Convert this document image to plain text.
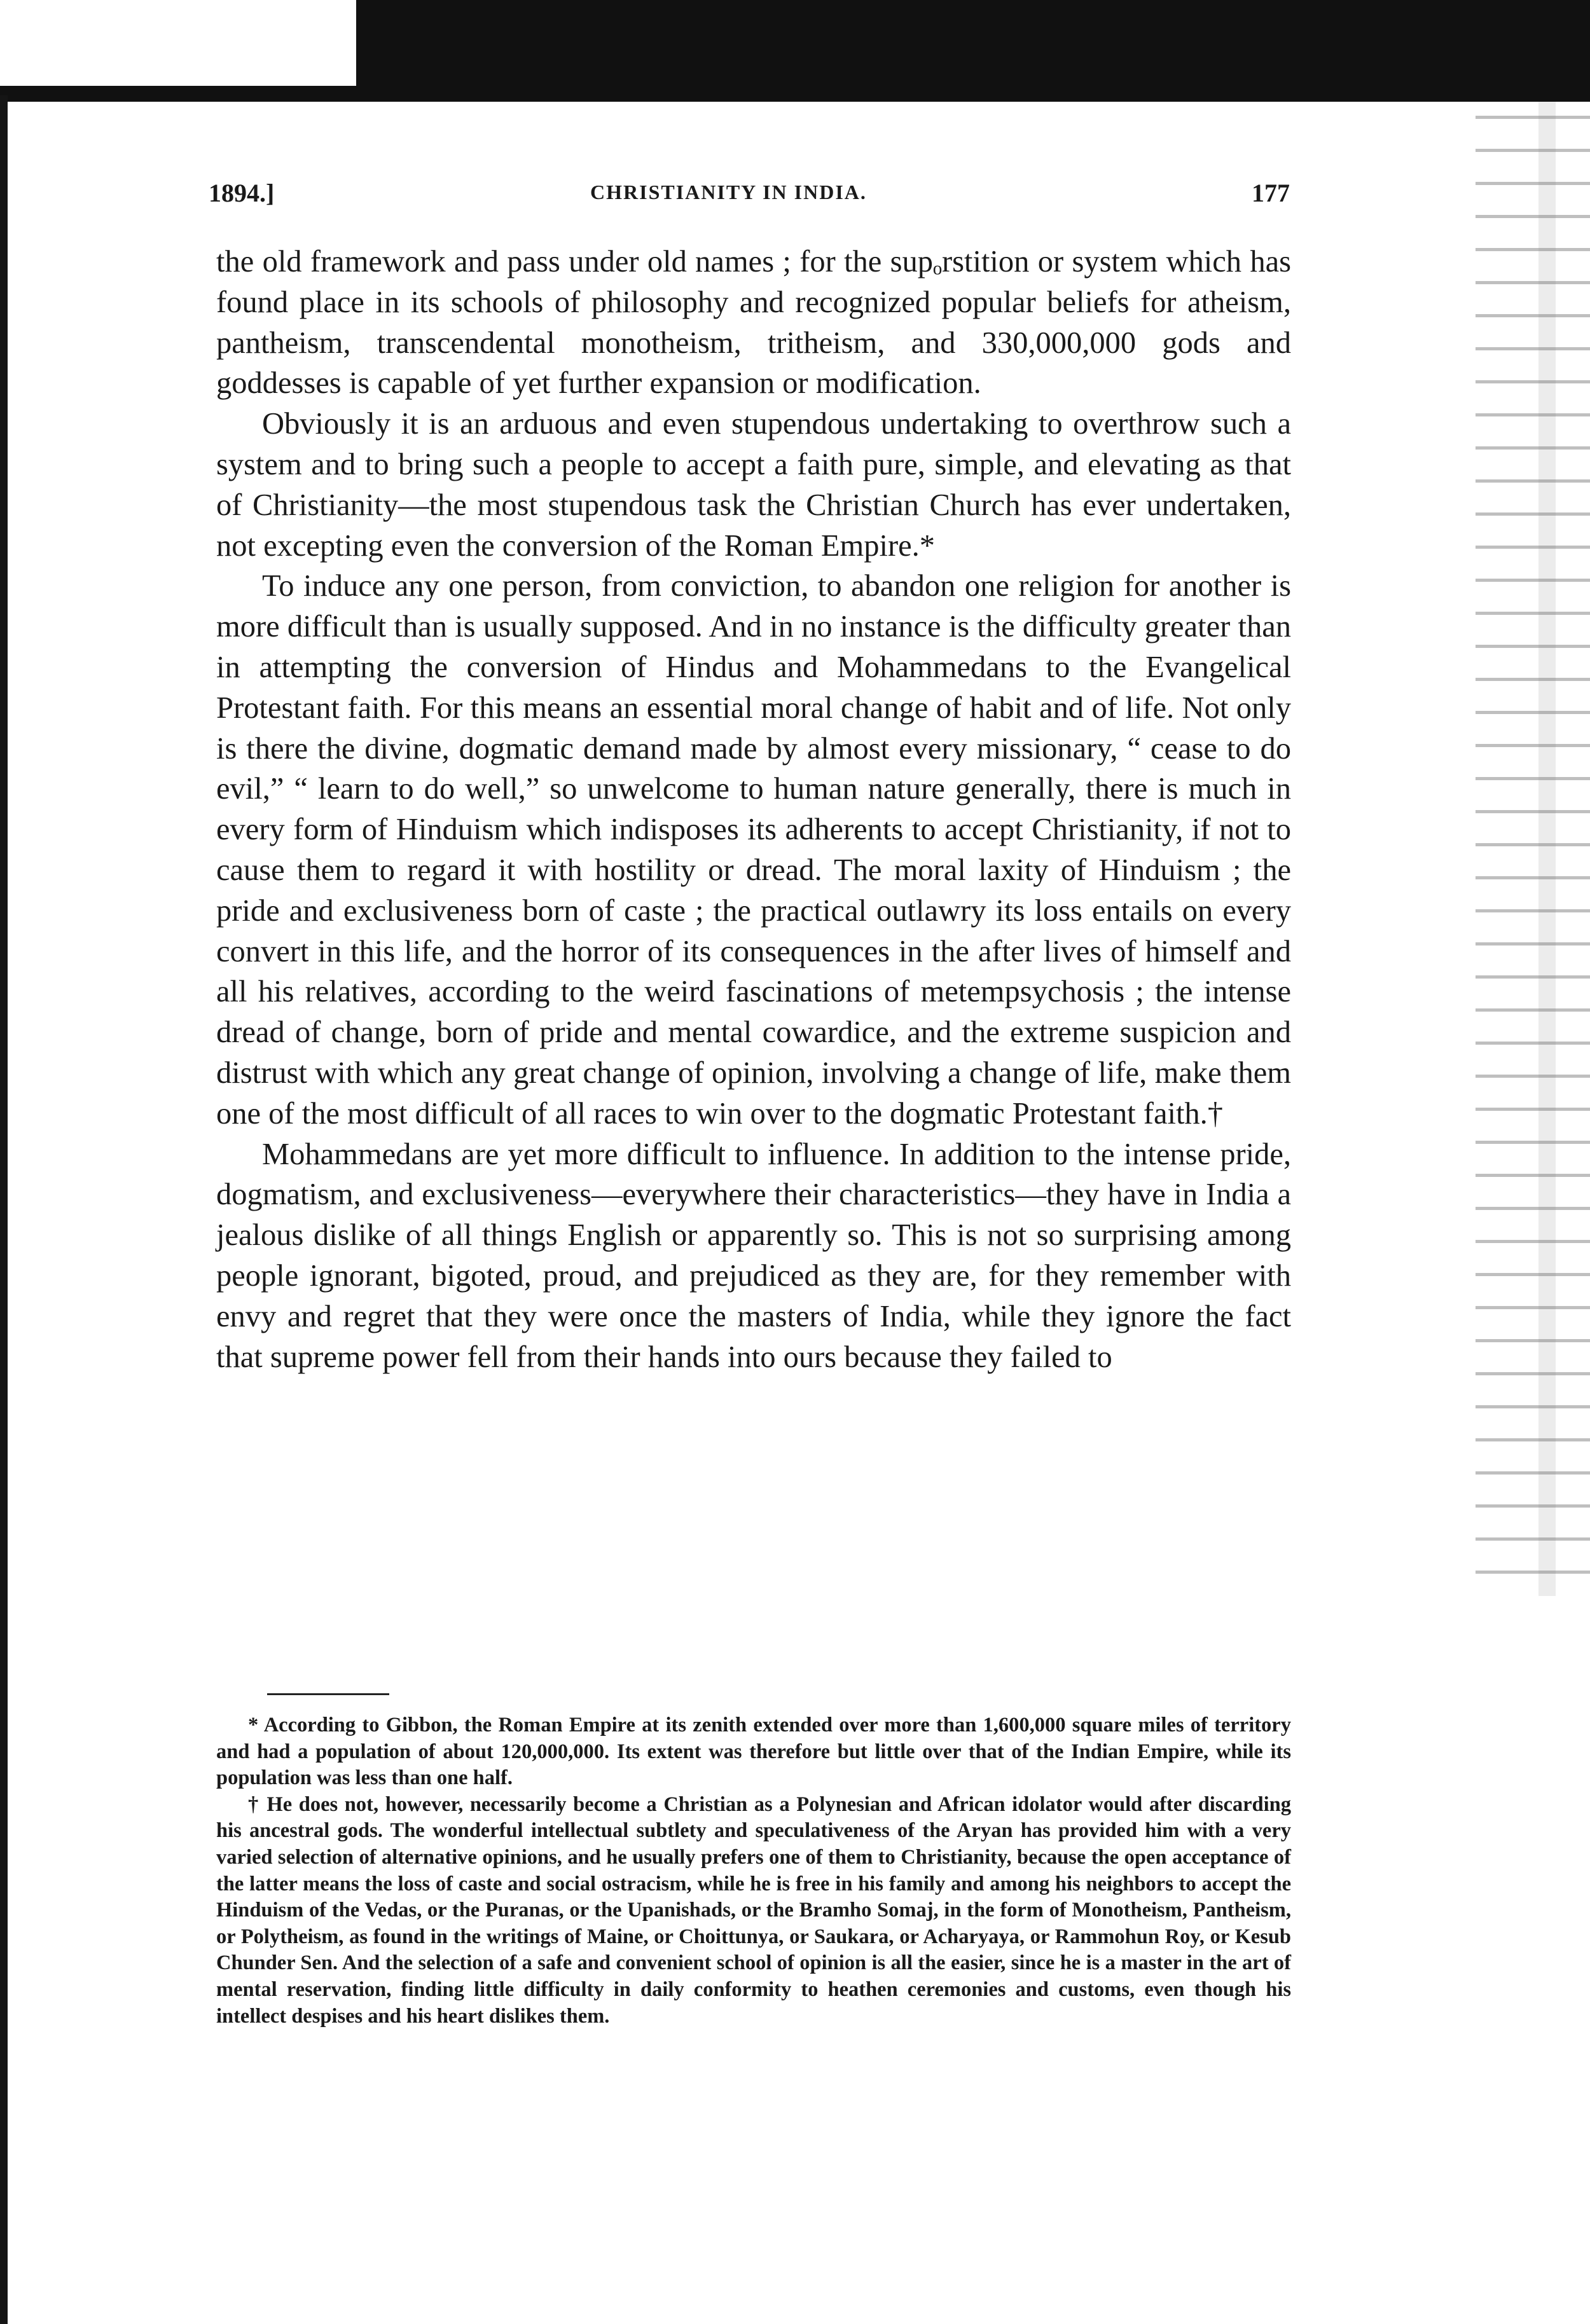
1894.]	CHRISTIANITY IN INDIA.	177

the old framework and pass under old names ; for the supₒrstition or system which has found place in its schools of philosophy and recognized popular beliefs for atheism, pantheism, transcendental monotheism, tritheism, and 330,000,000 gods and goddesses is capable of yet further expansion or modification.

Obviously it is an arduous and even stupendous undertaking to overthrow such a system and to bring such a people to accept a faith pure, simple, and elevating as that of Christianity—the most stupendous task the Christian Church has ever undertaken, not excepting even the conversion of the Roman Empire.*

To induce any one person, from conviction, to abandon one religion for another is more difficult than is usually supposed. And in no instance is the difficulty greater than in attempting the conversion of Hindus and Mohammedans to the Evangelical Protestant faith. For this means an essential moral change of habit and of life. Not only is there the divine, dogmatic demand made by almost every missionary, “ cease to do evil,” “ learn to do well,” so unwelcome to human nature generally, there is much in every form of Hinduism which indisposes its adherents to accept Christianity, if not to cause them to regard it with hostility or dread. The moral laxity of Hinduism ; the pride and exclusiveness born of caste ; the practical outlawry its loss entails on every convert in this life, and the horror of its consequences in the after lives of himself and all his relatives, according to the weird fascinations of metempsychosis ; the intense dread of change, born of pride and mental cowardice, and the extreme suspicion and distrust with which any great change of opinion, involving a change of life, make them one of the most difficult of all races to win over to the dogmatic Protestant faith.†

Mohammedans are yet more difficult to influence. In addition to the intense pride, dogmatism, and exclusiveness—everywhere their characteristics—they have in India a jealous dislike of all things English or apparently so. This is not so surprising among people ignorant, bigoted, proud, and prejudiced as they are, for they remember with envy and regret that they were once the masters of India, while they ignore the fact that supreme power fell from their hands into ours because they failed to

* According to Gibbon, the Roman Empire at its zenith extended over more than 1,600,000 square miles of territory and had a population of about 120,000,000. Its extent was therefore but little over that of the Indian Empire, while its population was less than one half.

† He does not, however, necessarily become a Christian as a Polynesian and African idolator would after discarding his ancestral gods. The wonderful intellectual subtlety and speculativeness of the Aryan has provided him with a very varied selection of alternative opinions, and he usually prefers one of them to Christianity, because the open acceptance of the latter means the loss of caste and social ostracism, while he is free in his family and among his neighbors to accept the Hinduism of the Vedas, or the Puranas, or the Upanishads, or the Bramho Somaj, in the form of Monotheism, Pantheism, or Polytheism, as found in the writings of Maine, or Choittunya, or Saukara, or Acharyaya, or Rammohun Roy, or Kesub Chunder Sen. And the selection of a safe and convenient school of opinion is all the easier, since he is a master in the art of mental reservation, finding little difficulty in daily conformity to heathen ceremonies and customs, even though his intellect despises and his heart dislikes them.
